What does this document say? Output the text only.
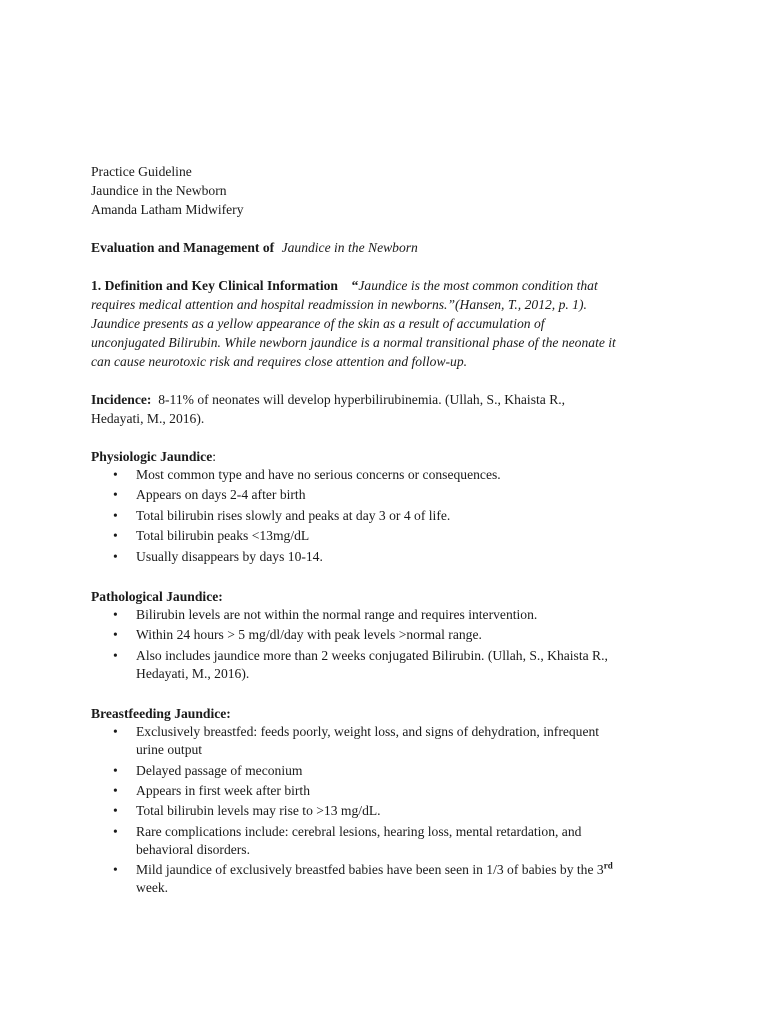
Practice Guideline
Jaundice in the Newborn
Amanda Latham Midwifery
Evaluation and Management of Jaundice in the Newborn
1. Definition and Key Clinical Information “Jaundice is the most common condition that
requires medical attention and hospital readmission in newborns.”(Hansen, T., 2012, p. 1).
Jaundice presents as a yellow appearance of the skin as a result of accumulation of
unconjugated Bilirubin. While newborn jaundice is a normal transitional phase of the neonate it
can cause neurotoxic risk and requires close attention and follow-up.
Incidence: 8-11% of neonates will develop hyperbilirubinemia. (Ullah, S., Khaista R.,
Hedayati, M., 2016).
Physiologic Jaundice:
• Most common type and have no serious concerns or consequences.
• Appears on days 2-4 after birth
• Total bilirubin rises slowly and peaks at day 3 or 4 of life.
• Total bilirubin peaks <13mg/dL
• Usually disappears by days 10-14.
Pathological Jaundice:
• Bilirubin levels are not within the normal range and requires intervention.
• Within 24 hours > 5 mg/dl/day with peak levels >normal range.
• Also includes jaundice more than 2 weeks conjugated Bilirubin. (Ullah, S., Khaista R.,
Hedayati, M., 2016).
Breastfeeding Jaundice:
• Exclusively breastfed: feeds poorly, weight loss, and signs of dehydration, infrequent
urine output
• Delayed passage of meconium
• Appears in first week after birth
• Total bilirubin levels may rise to >13 mg/dL.
• Rare complications include: cerebral lesions, hearing loss, mental retardation, and
behavioral disorders.
• Mild jaundice of exclusively breastfed babies have been seen in 1/3 of babies by the 3rd
week.
